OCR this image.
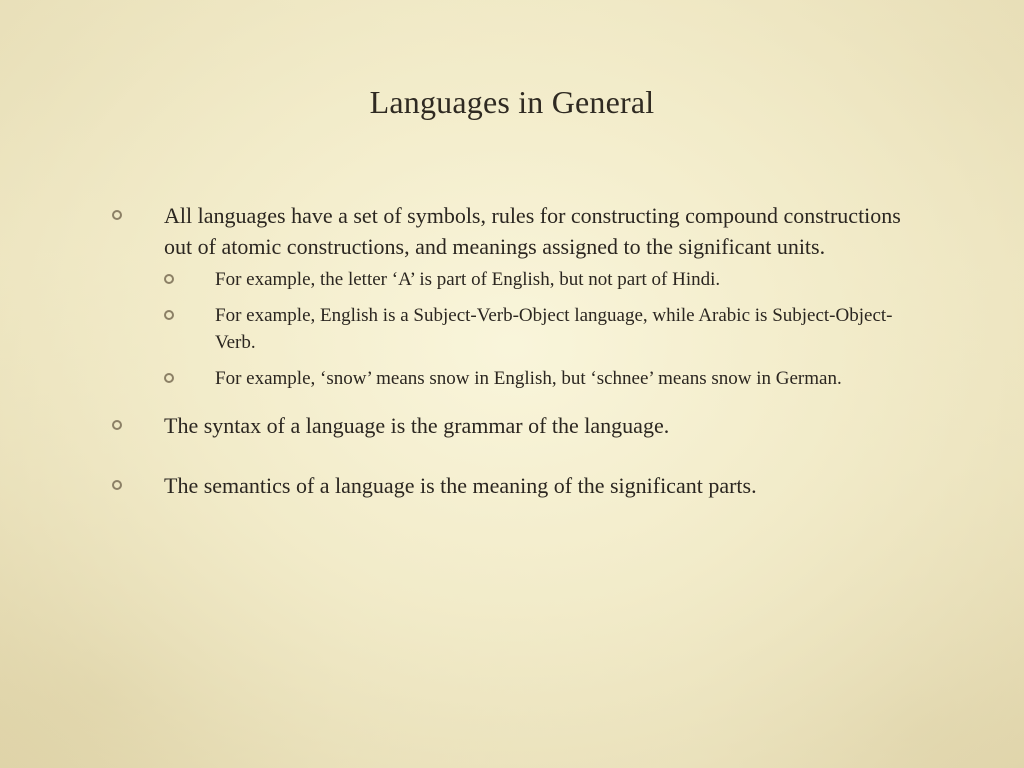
Languages in General
All languages have a set of symbols, rules for constructing compound constructions out of atomic constructions, and meanings assigned to the significant units.
For example, the letter ‘A’ is part of English, but not part of Hindi.
For example, English is a Subject-Verb-Object language, while Arabic is Subject-Object-Verb.
For example, ‘snow’ means snow in English, but ‘schnee’ means snow in German.
The syntax of a language is the grammar of the language.
The semantics of a language is the meaning of the significant parts.
